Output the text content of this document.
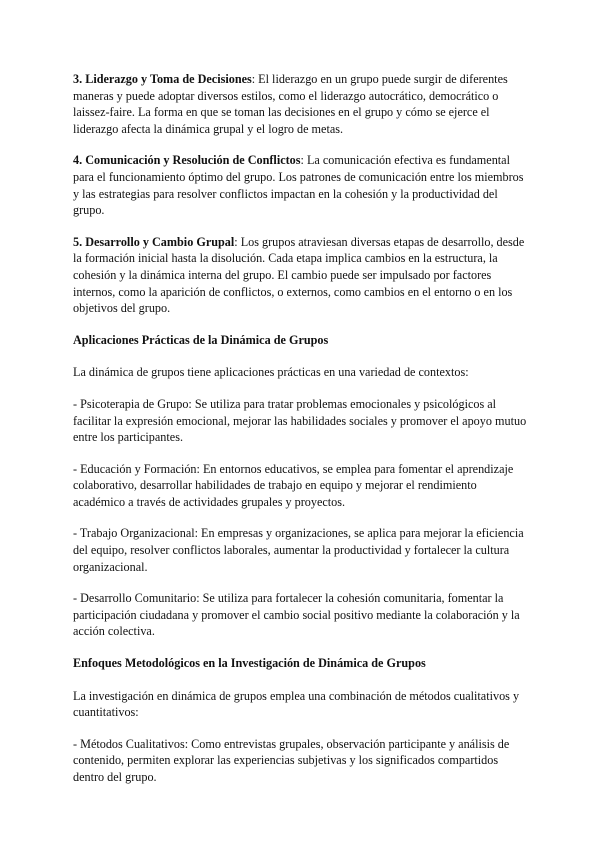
3. Liderazgo y Toma de Decisiones: El liderazgo en un grupo puede surgir de diferentes maneras y puede adoptar diversos estilos, como el liderazgo autocrático, democrático o laissez-faire. La forma en que se toman las decisiones en el grupo y cómo se ejerce el liderazgo afecta la dinámica grupal y el logro de metas.

4. Comunicación y Resolución de Conflictos: La comunicación efectiva es fundamental para el funcionamiento óptimo del grupo. Los patrones de comunicación entre los miembros y las estrategias para resolver conflictos impactan en la cohesión y la productividad del grupo.

5. Desarrollo y Cambio Grupal: Los grupos atraviesan diversas etapas de desarrollo, desde la formación inicial hasta la disolución. Cada etapa implica cambios en la estructura, la cohesión y la dinámica interna del grupo. El cambio puede ser impulsado por factores internos, como la aparición de conflictos, o externos, como cambios en el entorno o en los objetivos del grupo.

Aplicaciones Prácticas de la Dinámica de Grupos

La dinámica de grupos tiene aplicaciones prácticas en una variedad de contextos:

- Psicoterapia de Grupo: Se utiliza para tratar problemas emocionales y psicológicos al facilitar la expresión emocional, mejorar las habilidades sociales y promover el apoyo mutuo entre los participantes.

- Educación y Formación: En entornos educativos, se emplea para fomentar el aprendizaje colaborativo, desarrollar habilidades de trabajo en equipo y mejorar el rendimiento académico a través de actividades grupales y proyectos.

- Trabajo Organizacional: En empresas y organizaciones, se aplica para mejorar la eficiencia del equipo, resolver conflictos laborales, aumentar la productividad y fortalecer la cultura organizacional.

- Desarrollo Comunitario: Se utiliza para fortalecer la cohesión comunitaria, fomentar la participación ciudadana y promover el cambio social positivo mediante la colaboración y la acción colectiva.

Enfoques Metodológicos en la Investigación de Dinámica de Grupos

La investigación en dinámica de grupos emplea una combinación de métodos cualitativos y cuantitativos:

- Métodos Cualitativos: Como entrevistas grupales, observación participante y análisis de contenido, permiten explorar las experiencias subjetivas y los significados compartidos dentro del grupo.
